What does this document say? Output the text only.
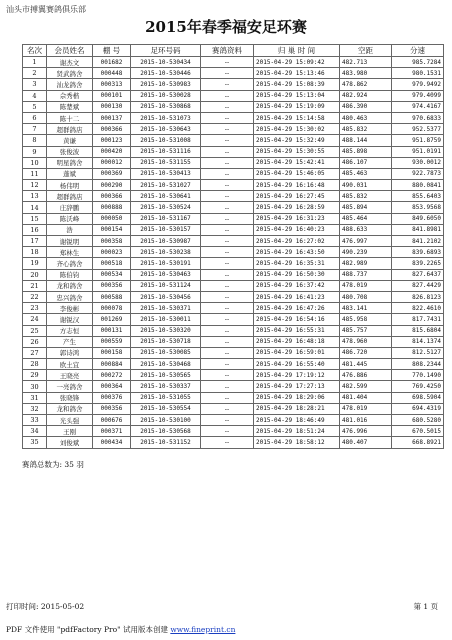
汕头市搏翼赛鸽俱乐部
2015年春季福安足环赛
名次	会员姓名	棚 号	足环号码	赛鸽资料	归 巢 时 间	空距	分速
1	谢杰文	001682	2015-10-530434	--	2015-04-29 15:09:42	482.713	985.7284
2	贤武鸽舍	000448	2015-10-530446	--	2015-04-29 15:13:46	483.980	980.1531
3	汕龙鸽舍	000313	2015-10-530983	--	2015-04-29 15:08:39	478.862	979.9492
4	佘秀楷	000101	2015-10-530028	--	2015-04-29 15:13:04	482.924	979.4099
5	陈楚斌	000130	2015-10-530868	--	2015-04-29 15:19:09	486.390	974.4167
6	陈十二	000137	2015-10-531073	--	2015-04-29 15:14:58	480.463	970.6833
7	超群鸽店	000366	2015-10-530643	--	2015-04-29 15:30:02	485.832	952.5377
8	黄谦	000123	2015-10-531008	--	2015-04-29 15:32:49	488.144	951.8759
9	张俊波	000420	2015-10-531116	--	2015-04-29 15:30:55	485.898	951.0191
10	明星鸽舍	000012	2015-10-531155	--	2015-04-29 15:42:41	486.107	930.0012
11	蓬斌	000369	2015-10-530413	--	2015-04-29 15:46:05	485.463	922.7873
12	杨伟明	000290	2015-10-531027	--	2015-04-29 16:16:48	490.031	880.0841
13	超群鸽店	000366	2015-10-530641	--	2015-04-29 16:27:45	485.832	855.6403
14	庄辞鹏	000888	2015-10-530524	--	2015-04-29 16:28:59	485.894	853.9568
15	陈沃峰	000050	2015-10-531167	--	2015-04-29 16:31:23	485.464	849.6050
16	浩	000154	2015-10-530157	--	2015-04-29 16:40:23	488.633	841.8981
17	谢锐明	000358	2015-10-530987	--	2015-04-29 16:27:02	476.997	841.2102
18	郑林生	000023	2015-10-530238	--	2015-04-29 16:43:50	490.239	839.6893
19	齐心鸽舍	000518	2015-10-530191	--	2015-04-29 16:35:31	482.989	839.2265
20	陈伯钧	000534	2015-10-530463	--	2015-04-29 16:50:30	488.737	827.6437
21	龙和鸽舍	000356	2015-10-531124	--	2015-04-29 16:37:42	478.019	827.4429
22	忠兴鸽舍	000588	2015-10-530456	--	2015-04-29 16:41:23	480.708	826.8123
23	李俊彬	000078	2015-10-530371	--	2015-04-29 16:47:26	483.141	822.4610
24	谢锐汉	001269	2015-10-530011	--	2015-04-29 16:54:16	485.958	817.7431
25	方志恒	000131	2015-10-530320	--	2015-04-29 16:55:31	485.757	815.6804
26	产生	000559	2015-10-530718	--	2015-04-29 16:48:18	478.960	814.1374
27	郭诗鸿	000158	2015-10-530085	--	2015-04-29 16:59:01	486.720	812.5127
28	欧土宜	000884	2015-10-530468	--	2015-04-29 16:55:40	481.445	808.2344
29	王晓亮	000272	2015-10-530565	--	2015-04-29 17:19:12	476.886	770.1490
30	一亮鸽舍	000364	2015-10-530337	--	2015-04-29 17:27:13	482.599	769.4250
31	张晓锋	000376	2015-10-531055	--	2015-04-29 18:29:06	481.404	698.5904
32	龙和鸽舍	000356	2015-10-530554	--	2015-04-29 18:28:21	478.019	694.4319
33	光头强	000676	2015-10-530100	--	2015-04-29 18:46:49	481.016	680.5280
34	王刚	000371	2015-10-530568	--	2015-04-29 18:51:24	476.996	670.5015
35	刘俊斌	000434	2015-10-531152	--	2015-04-29 18:58:12	480.407	668.8921
赛鸽总数为: 35 羽
打印时间: 2015-05-02	第 1 页
PDF 文件使用 "pdfFactory Pro" 试用版本创建 www.fineprint.cn
